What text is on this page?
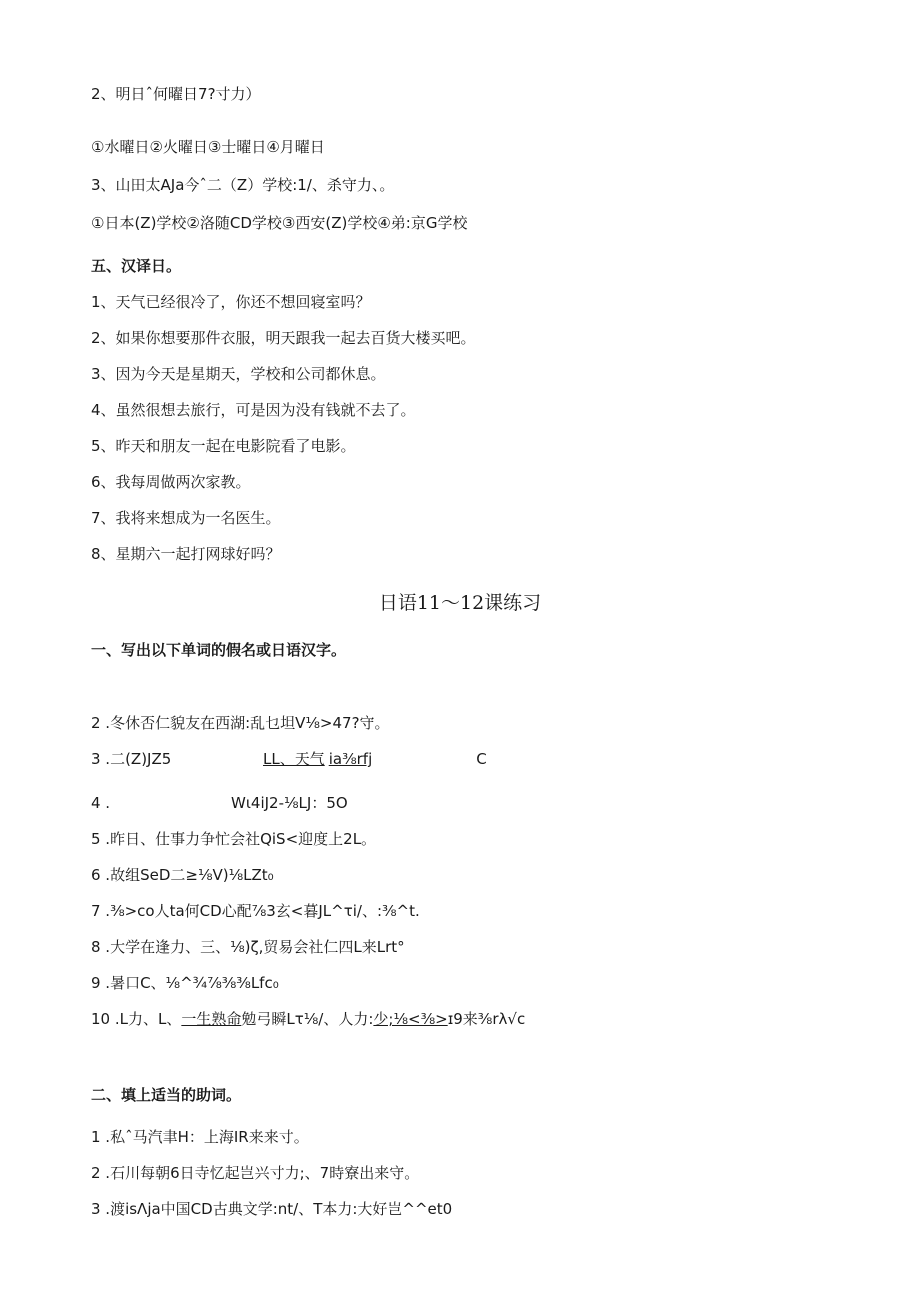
2、明日ˆ何曜日7?寸力）
①水曜日②火曜日③士曜日④月曜日
3、山田太AJa今ˆ二（Z）学校:1/、杀守力、。
①日本(Z)学校②洛随CD学校③西安(Z)学校④弟:京G学校
五、汉译日。
1、天气已经很冷了，你还不想回寝室吗？
2、如果你想要那件衣服，明天跟我一起去百货大楼买吧。
3、因为今天是星期天，学校和公司都休息。
4、虽然很想去旅行，可是因为没有钱就不去了。
5、昨天和朋友一起在电影院看了电影。
6、我每周做两次家教。
7、我将来想成为一名医生。
8、星期六一起打网球好吗？
日语11～12课练习
一、写出以下单词的假名或日语汉字。
2 .冬休否仁貌友在西湖:乱乜坦V⅛>47?守。
3 .二(Z)JZ5	LL、天气 ia⅜rfj	C
4 .	Wι4iJ2-⅛LJ：5O
5 .昨日、仕事力争忙会社QiS<迎度上2L。
6 .故组SeD二≥⅛V)⅛LZt₀
7 .⅜>co人ta何CD心配⅞3玄<暮JL^τi/、:⅜^t.
8 .大学在逢力、三、⅛)ζ,贸易会社仁四L来Lrt°
9 .暑口C、⅛^¾⅞⅜⅜Lfc₀
10 .L力、L、一生熟命勉弓瞬Lτ⅛/、人力:少;⅛<⅜>ɪ9来⅜rλ√c
二、填上适当的助词。
1 .私ˆ马汽聿H：上海IR来来寸。
2 .石川每朝6日寺忆起岂兴寸力;、7時寮出来守。
3 .渡isΛja中国CD古典文学:nt/、T本力:大好岂^^et0
